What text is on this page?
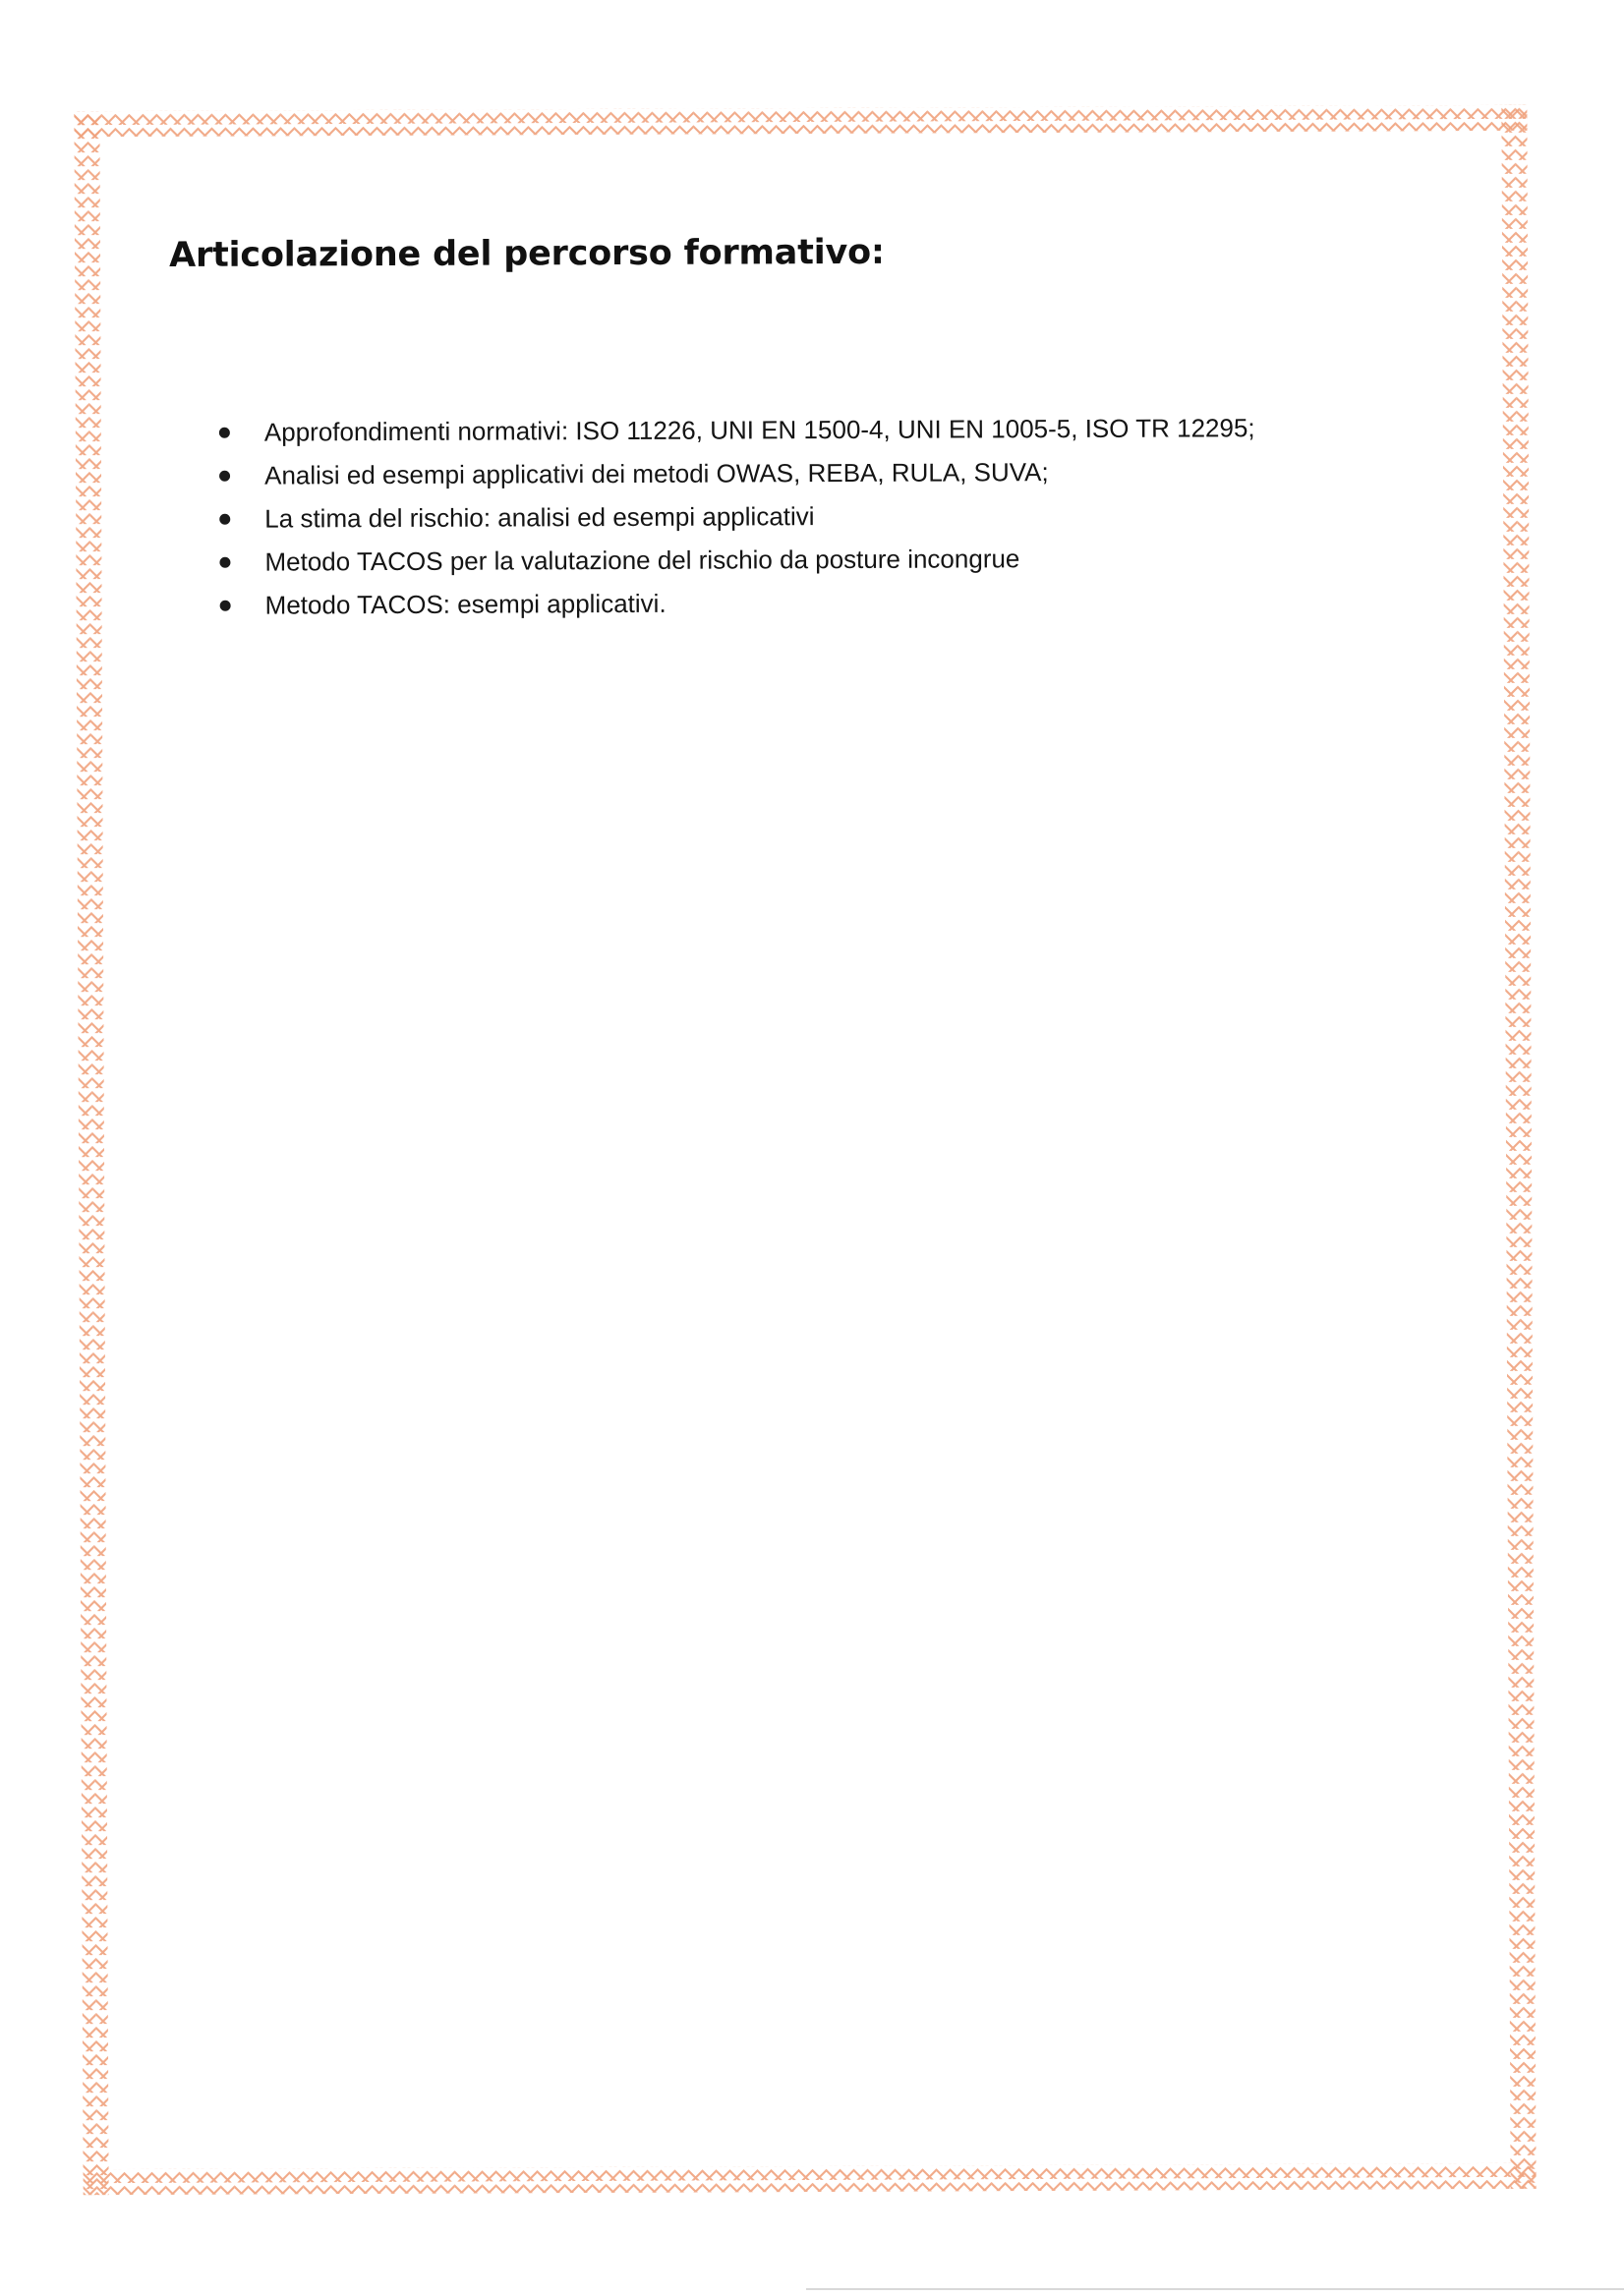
Articolazione del percorso formativo:
Approfondimenti normativi: ISO 11226, UNI EN 1500-4, UNI EN 1005-5, ISO TR 12295;
Analisi ed esempi applicativi dei metodi OWAS, REBA, RULA, SUVA;
La stima del rischio: analisi ed esempi applicativi
Metodo TACOS per la valutazione del rischio da posture incongrue
Metodo TACOS: esempi applicativi.
